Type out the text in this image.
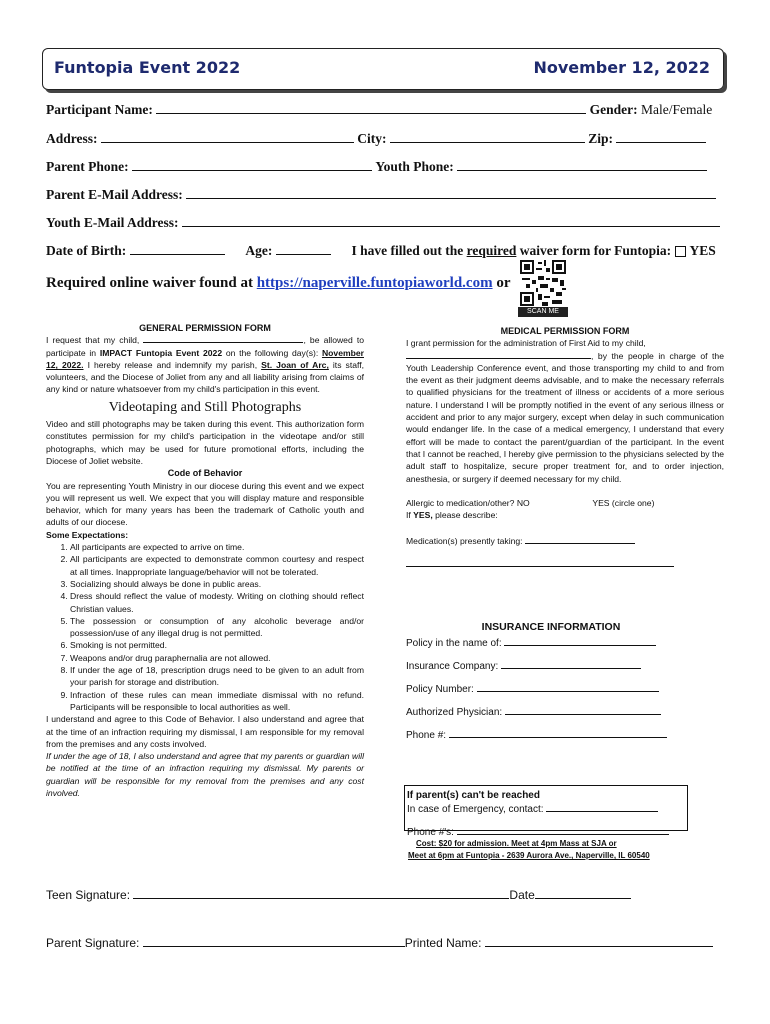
Funtopia Event 2022	November 12, 2022
Participant Name:	Gender: Male/Female
Address:	City:	Zip:
Parent Phone:	Youth Phone:
Parent E-Mail Address:
Youth E-Mail Address:
Date of Birth:	Age:	I have filled out the required waiver form for Funtopia: YES
Required online waiver found at https://naperville.funtopiaworld.com or
SCAN ME
GENERAL PERMISSION FORM
I request that my child,	, be allowed to participate in IMPACT Funtopia Event 2022 on the following day(s): November 12, 2022. I hereby release and indemnify my parish, St. Joan of Arc, its staff, volunteers, and the Diocese of Joliet from any and all liability arising from claims of any kind or nature whatsoever from my child's participation in this event.
Videotaping and Still Photographs
Video and still photographs may be taken during this event. This authorization form constitutes permission for my child's participation in the videotape and/or still photographs, which may be used for future promotional efforts, including the Diocese of Joliet website.
Code of Behavior
You are representing Youth Ministry in our diocese during this event and we expect you will represent us well. We expect that you will display mature and responsible behavior, which for many years has been the trademark of Catholic youth and adults of our diocese.
Some Expectations:
1. All participants are expected to arrive on time.
2. All participants are expected to demonstrate common courtesy and respect at all times. Inappropriate language/behavior will not be tolerated.
3. Socializing should always be done in public areas.
4. Dress should reflect the value of modesty. Writing on clothing should reflect Christian values.
5. The possession or consumption of any alcoholic beverage and/or possession/use of any illegal drug is not permitted.
6. Smoking is not permitted.
7. Weapons and/or drug paraphernalia are not allowed.
8. If under the age of 18, prescription drugs need to be given to an adult from your parish for storage and distribution.
9. Infraction of these rules can mean immediate dismissal with no refund. Participants will be responsible to local authorities as well.
I understand and agree to this Code of Behavior. I also understand and agree that at the time of an infraction requiring my dismissal, I am responsible for my removal from the premises and any costs involved.
If under the age of 18, I also understand and agree that my parents or guardian will be notified at the time of an infraction requiring my dismissal. My parents or guardian will be responsible for my removal from the premises and any cost involved.
MEDICAL PERMISSION FORM
I grant permission for the administration of First Aid to my child,
, by the people in charge of the Youth Leadership Conference event, and those transporting my child to and from the event as their judgment deems advisable, and to make the necessary referrals to qualified physicians for the treatment of illness or accidents of a more serious nature. I understand I will be promptly notified in the event of any serious illness or accident and prior to any major surgery, except when delay in such communication would endanger life. In the case of a medical emergency, I understand that every effort will be made to contact the parent/guardian of the participant. In the event that I cannot be reached, I hereby give permission to the physicians selected by the adult staff to hospitalize, secure proper treatment for, and to order injection, anesthesia, or surgery if deemed necessary for my child.
Allergic to medication/other? NO	YES (circle one)
If YES, please describe:
Medication(s) presently taking:
INSURANCE INFORMATION
Policy in the name of:
Insurance Company:
Policy Number:
Authorized Physician:
Phone #:
If parent(s) can't be reached
In case of Emergency, contact:
Phone #'s:
Cost: $20 for admission. Meet at 4pm Mass at SJA or
Meet at 6pm at Funtopia - 2639 Aurora Ave., Naperville, IL 60540
Teen Signature:	Date
Parent Signature:	Printed Name:
